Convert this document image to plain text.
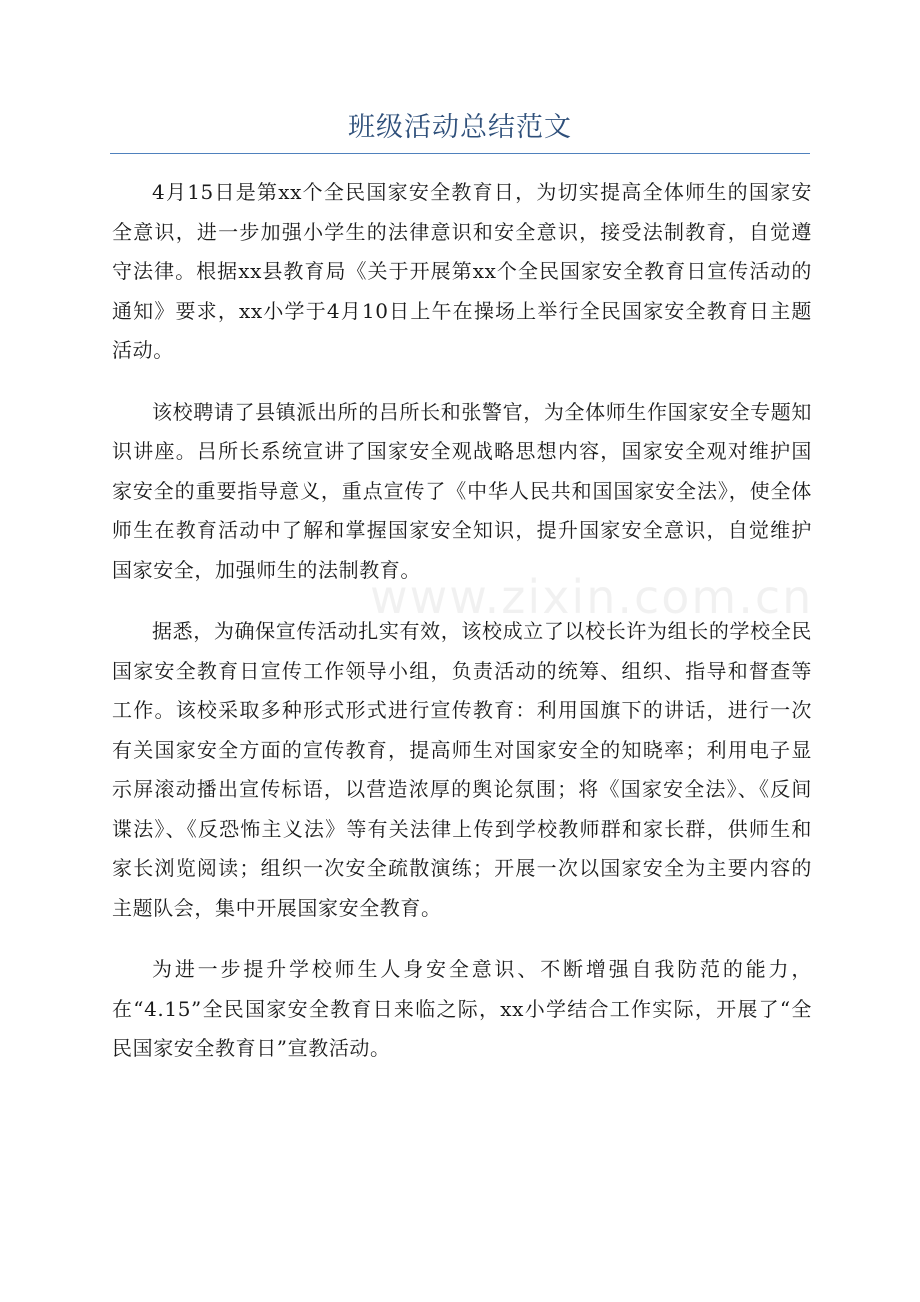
班级活动总结范文

4月15日是第xx个全民国家安全教育日，为切实提高全体师生的国家安全意识，进一步加强小学生的法律意识和安全意识，接受法制教育，自觉遵守法律。根据xx县教育局《关于开展第xx个全民国家安全教育日宣传活动的通知》要求，xx小学于4月10日上午在操场上举行全民国家安全教育日主题活动。

该校聘请了县镇派出所的吕所长和张警官，为全体师生作国家安全专题知识讲座。吕所长系统宣讲了国家安全观战略思想内容，国家安全观对维护国家安全的重要指导意义，重点宣传了《中华人民共和国国家安全法》，使全体师生在教育活动中了解和掌握国家安全知识，提升国家安全意识，自觉维护国家安全，加强师生的法制教育。

据悉，为确保宣传活动扎实有效，该校成立了以校长许为组长的学校全民国家安全教育日宣传工作领导小组，负责活动的统筹、组织、指导和督查等工作。该校采取多种形式形式进行宣传教育：利用国旗下的讲话，进行一次有关国家安全方面的宣传教育，提高师生对国家安全的知晓率；利用电子显示屏滚动播出宣传标语，以营造浓厚的舆论氛围；将《国家安全法》、《反间谍法》、《反恐怖主义法》等有关法律上传到学校教师群和家长群，供师生和家长浏览阅读；组织一次安全疏散演练；开展一次以国家安全为主要内容的主题队会，集中开展国家安全教育。

为进一步提升学校师生人身安全意识、不断增强自我防范的能力，在“4.15”全民国家安全教育日来临之际，xx小学结合工作实际，开展了“全民国家安全教育日”宣教活动。

www.zixin.com.cn
